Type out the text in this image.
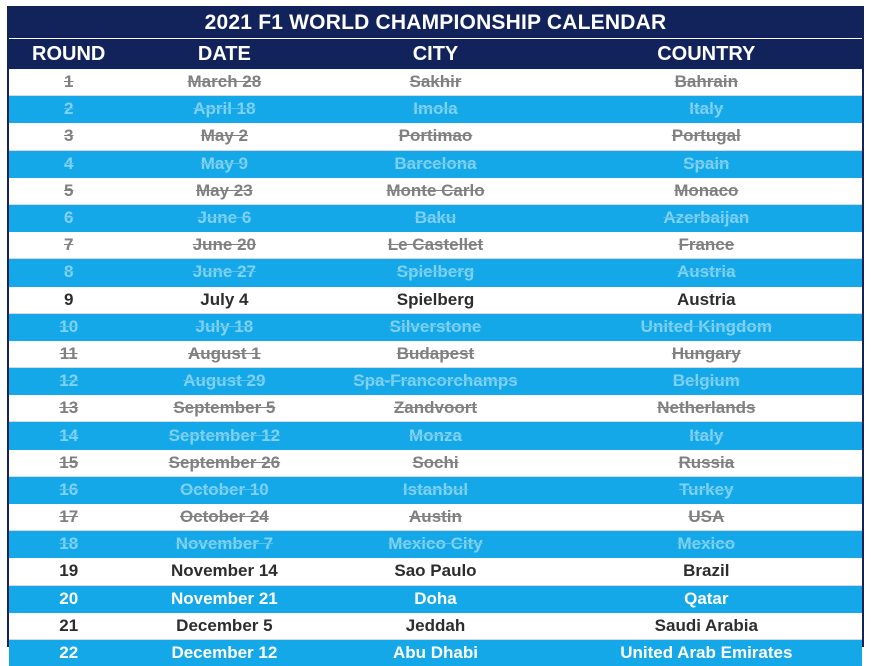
2021 F1 WORLD CHAMPIONSHIP CALENDAR			
ROUND	DATE	CITY	COUNTRY
1	March 28	Sakhir	Bahrain
2	April 18	Imola	Italy
3	May 2	Portimao	Portugal
4	May 9	Barcelona	Spain
5	May 23	Monte Carlo	Monaco
6	June 6	Baku	Azerbaijan
7	June 20	Le Castellet	France
8	June 27	Spielberg	Austria
9	July 4	Spielberg	Austria
10	July 18	Silverstone	United Kingdom
11	August 1	Budapest	Hungary
12	August 29	Spa-Francorchamps	Belgium
13	September 5	Zandvoort	Netherlands
14	September 12	Monza	Italy
15	September 26	Sochi	Russia
16	October 10	Istanbul	Turkey
17	October 24	Austin	USA
18	November 7	Mexico City	Mexico
19	November 14	Sao Paulo	Brazil
20	November 21	Doha	Qatar
21	December 5	Jeddah	Saudi Arabia
22	December 12	Abu Dhabi	United Arab Emirates
